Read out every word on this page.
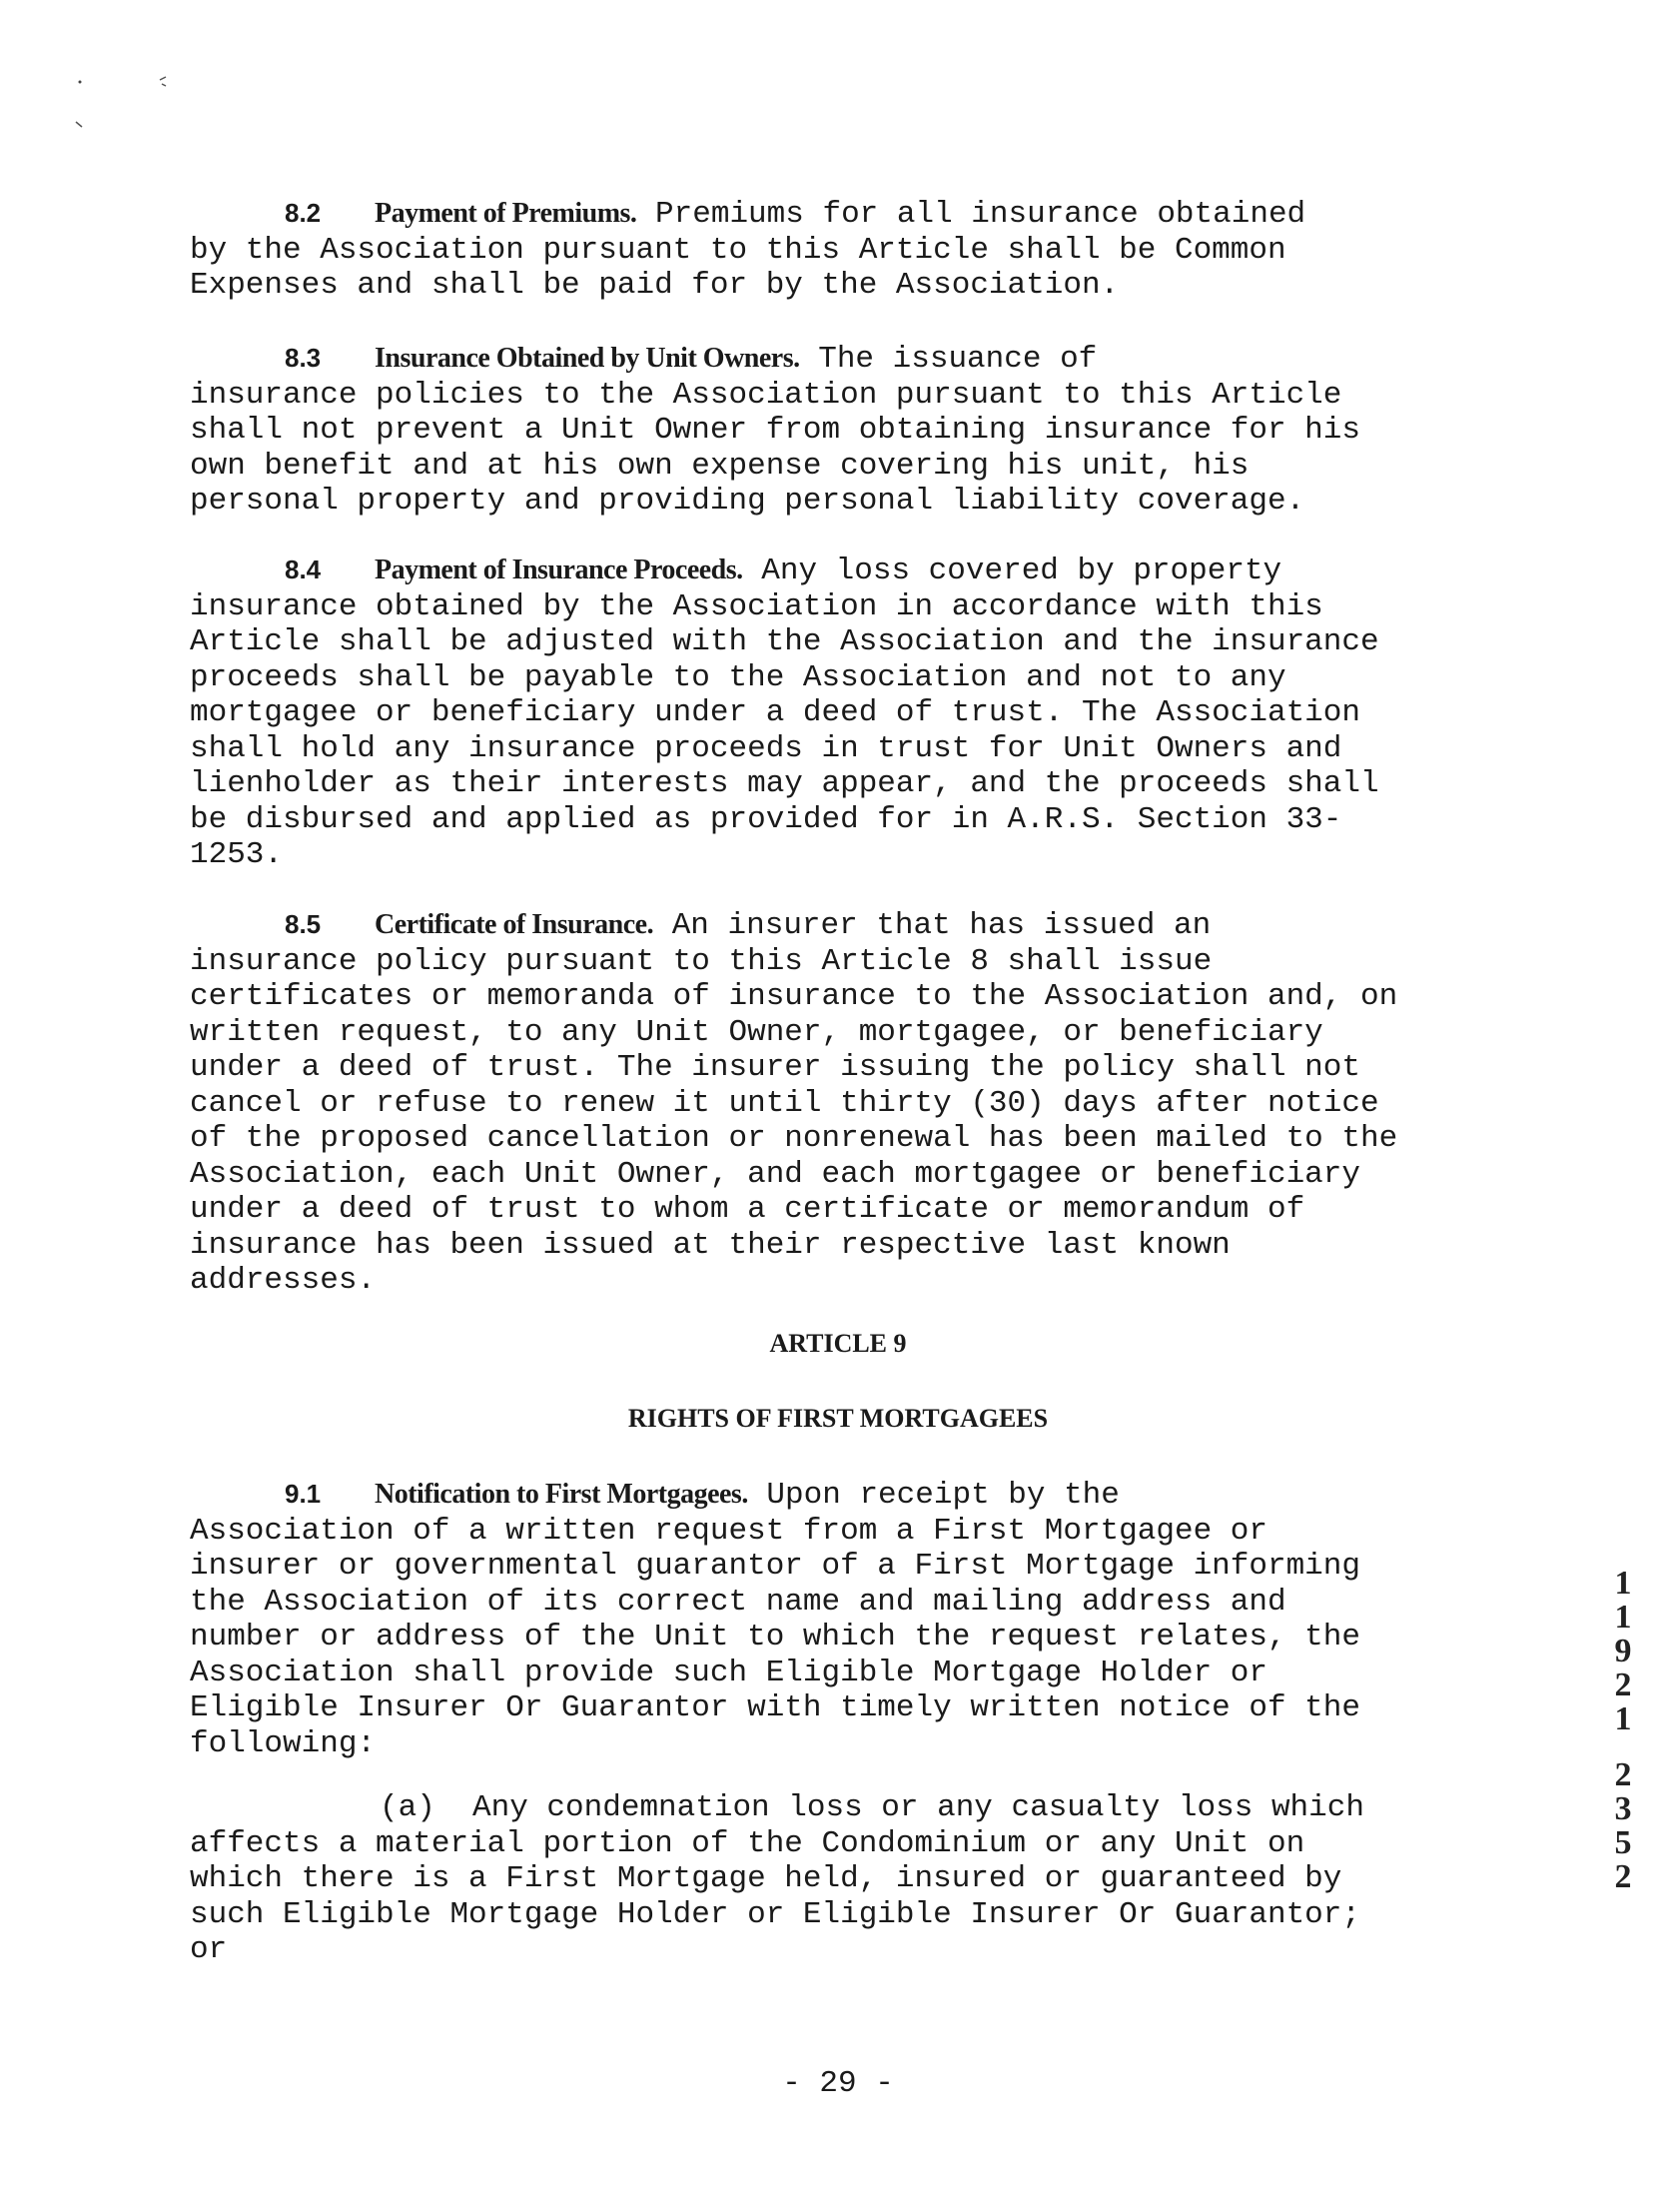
8.2 Payment of Premiums. Premiums for all insurance obtained
by the Association pursuant to this Article shall be Common
Expenses and shall be paid for by the Association.
8.3 Insurance Obtained by Unit Owners. The issuance of
insurance policies to the Association pursuant to this Article
shall not prevent a Unit Owner from obtaining insurance for his
own benefit and at his own expense covering his unit, his
personal property and providing personal liability coverage.
8.4 Payment of Insurance Proceeds. Any loss covered by property
insurance obtained by the Association in accordance with this
Article shall be adjusted with the Association and the insurance
proceeds shall be payable to the Association and not to any
mortgagee or beneficiary under a deed of trust. The Association
shall hold any insurance proceeds in trust for Unit Owners and
lienholder as their interests may appear, and the proceeds shall
be disbursed and applied as provided for in A.R.S. Section 33-
1253.
8.5 Certificate of Insurance. An insurer that has issued an
insurance policy pursuant to this Article 8 shall issue
certificates or memoranda of insurance to the Association and, on
written request, to any Unit Owner, mortgagee, or beneficiary
under a deed of trust. The insurer issuing the policy shall not
cancel or refuse to renew it until thirty (30) days after notice
of the proposed cancellation or nonrenewal has been mailed to the
Association, each Unit Owner, and each mortgagee or beneficiary
under a deed of trust to whom a certificate or memorandum of
insurance has been issued at their respective last known
addresses.
ARTICLE 9
RIGHTS OF FIRST MORTGAGEES
9.1 Notification to First Mortgagees. Upon receipt by the
Association of a written request from a First Mortgagee or
insurer or governmental guarantor of a First Mortgage informing
the Association of its correct name and mailing address and
number or address of the Unit to which the request relates, the
Association shall provide such Eligible Mortgage Holder or
Eligible Insurer Or Guarantor with timely written notice of the
following:
(a)  Any condemnation loss or any casualty loss which
affects a material portion of the Condominium or any Unit on
which there is a First Mortgage held, insured or guaranteed by
such Eligible Mortgage Holder or Eligible Insurer Or Guarantor;
or
1
1
9
2
1
2
3
5
2
- 29 -
